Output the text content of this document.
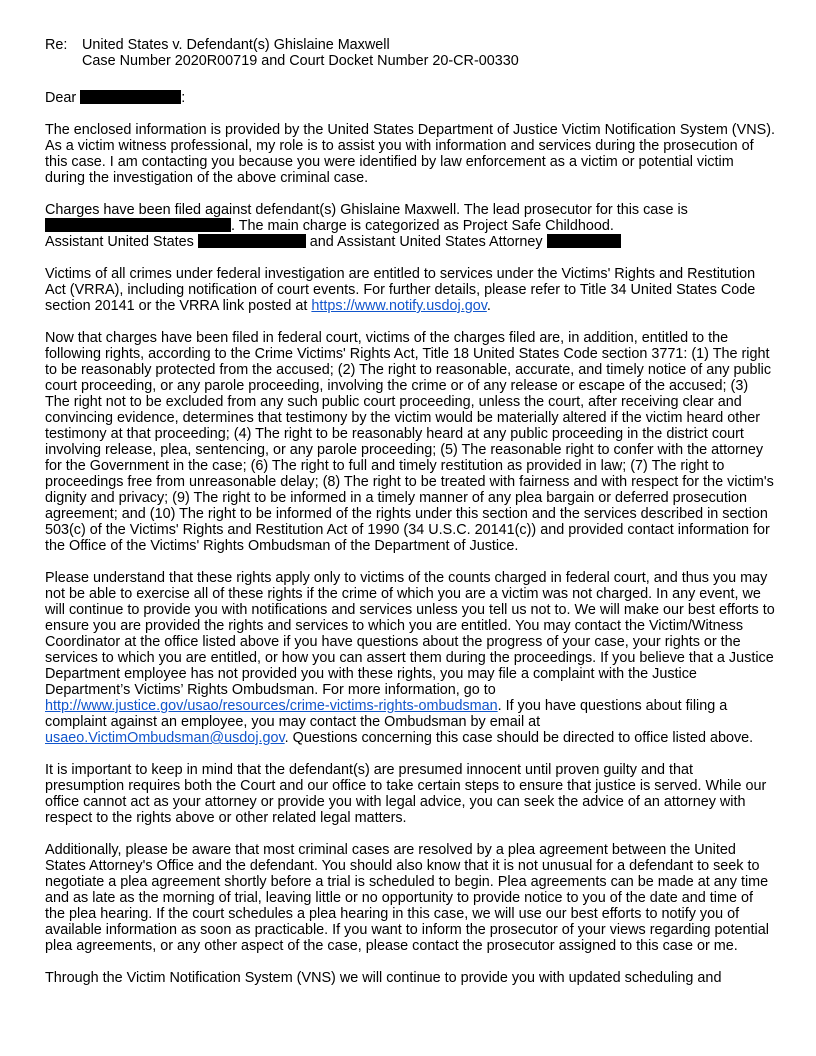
Re:	United States v. Defendant(s) Ghislaine Maxwell
Case Number 2020R00719 and Court Docket Number 20-CR-00330

Dear	:

The enclosed information is provided by the United States Department of Justice Victim Notification System (VNS). As a victim witness professional, my role is to assist you with information and services during the prosecution of this case. I am contacting you because you were identified by law enforcement as a victim or potential victim during the investigation of the above criminal case.

Charges have been filed against defendant(s) Ghislaine Maxwell. The lead prosecutor for this case is
. The main charge is categorized as Project Safe Childhood.
Assistant United States	and Assistant United States Attorney

Victims of all crimes under federal investigation are entitled to services under the Victims' Rights and Restitution Act (VRRA), including notification of court events. For further details, please refer to Title 34 United States Code section 20141 or the VRRA link posted at https://www.notify.usdoj.gov.

Now that charges have been filed in federal court, victims of the charges filed are, in addition, entitled to the following rights, according to the Crime Victims' Rights Act, Title 18 United States Code section 3771: (1) The right to be reasonably protected from the accused; (2) The right to reasonable, accurate, and timely notice of any public court proceeding, or any parole proceeding, involving the crime or of any release or escape of the accused; (3) The right not to be excluded from any such public court proceeding, unless the court, after receiving clear and convincing evidence, determines that testimony by the victim would be materially altered if the victim heard other testimony at that proceeding; (4) The right to be reasonably heard at any public proceeding in the district court involving release, plea, sentencing, or any parole proceeding; (5) The reasonable right to confer with the attorney for the Government in the case; (6) The right to full and timely restitution as provided in law; (7) The right to proceedings free from unreasonable delay; (8) The right to be treated with fairness and with respect for the victim's dignity and privacy; (9) The right to be informed in a timely manner of any plea bargain or deferred prosecution agreement; and (10) The right to be informed of the rights under this section and the services described in section 503(c) of the Victims' Rights and Restitution Act of 1990 (34 U.S.C. 20141(c)) and provided contact information for the Office of the Victims' Rights Ombudsman of the Department of Justice.

Please understand that these rights apply only to victims of the counts charged in federal court, and thus you may not be able to exercise all of these rights if the crime of which you are a victim was not charged. In any event, we will continue to provide you with notifications and services unless you tell us not to. We will make our best efforts to ensure you are provided the rights and services to which you are entitled. You may contact the Victim/Witness Coordinator at the office listed above if you have questions about the progress of your case, your rights or the services to which you are entitled, or how you can assert them during the proceedings. If you believe that a Justice Department employee has not provided you with these rights, you may file a complaint with the Justice Department’s Victims’ Rights Ombudsman. For more information, go to
http://www.justice.gov/usao/resources/crime-victims-rights-ombudsman. If you have questions about filing a complaint against an employee, you may contact the Ombudsman by email at
usaeo.VictimOmbudsman@usdoj.gov. Questions concerning this case should be directed to office listed above.

It is important to keep in mind that the defendant(s) are presumed innocent until proven guilty and that presumption requires both the Court and our office to take certain steps to ensure that justice is served. While our office cannot act as your attorney or provide you with legal advice, you can seek the advice of an attorney with respect to the rights above or other related legal matters.

Additionally, please be aware that most criminal cases are resolved by a plea agreement between the United States Attorney's Office and the defendant. You should also know that it is not unusual for a defendant to seek to negotiate a plea agreement shortly before a trial is scheduled to begin. Plea agreements can be made at any time and as late as the morning of trial, leaving little or no opportunity to provide notice to you of the date and time of the plea hearing. If the court schedules a plea hearing in this case, we will use our best efforts to notify you of available information as soon as practicable. If you want to inform the prosecutor of your views regarding potential plea agreements, or any other aspect of the case, please contact the prosecutor assigned to this case or me.

Through the Victim Notification System (VNS) we will continue to provide you with updated scheduling and
